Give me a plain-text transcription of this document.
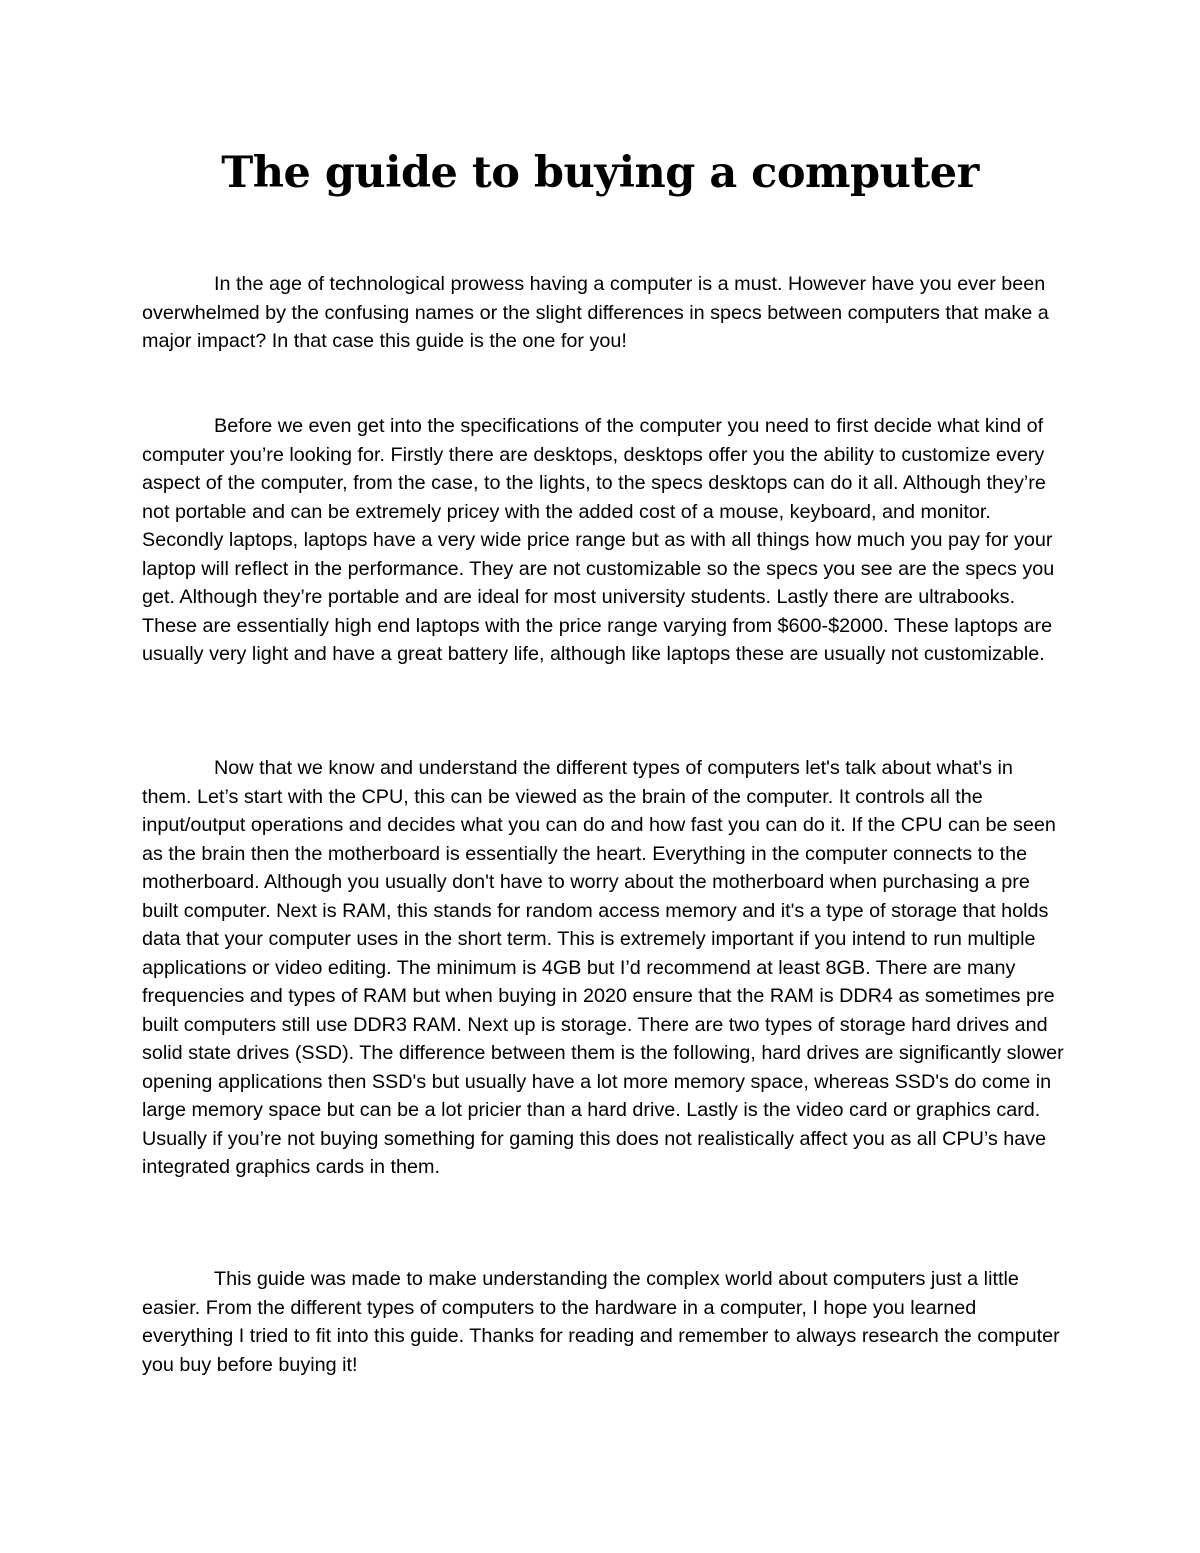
The guide to buying a computer

In the age of technological prowess having a computer is a must. However have you ever been overwhelmed by the confusing names or the slight differences in specs between computers that make a major impact? In that case this guide is the one for you!

Before we even get into the specifications of the computer you need to first decide what kind of computer you’re looking for. Firstly there are desktops, desktops offer you the ability to customize every aspect of the computer, from the case, to the lights, to the specs desktops can do it all. Although they’re not portable and can be extremely pricey with the added cost of a mouse, keyboard, and monitor. Secondly laptops, laptops have a very wide price range but as with all things how much you pay for your laptop will reflect in the performance. They are not customizable so the specs you see are the specs you get. Although they’re portable and are ideal for most university students. Lastly there are ultrabooks. These are essentially high end laptops with the price range varying from $600-$2000. These laptops are usually very light and have a great battery life, although like laptops these are usually not customizable.

Now that we know and understand the different types of computers let's talk about what's in them. Let’s start with the CPU, this can be viewed as the brain of the computer. It controls all the input/output operations and decides what you can do and how fast you can do it. If the CPU can be seen as the brain then the motherboard is essentially the heart. Everything in the computer connects to the motherboard. Although you usually don't have to worry about the motherboard when purchasing a pre built computer. Next is RAM, this stands for random access memory and it's a type of storage that holds data that your computer uses in the short term. This is extremely important if you intend to run multiple applications or video editing. The minimum is 4GB but I’d recommend at least 8GB. There are many frequencies and types of RAM but when buying in 2020 ensure that the RAM is DDR4 as sometimes pre built computers still use DDR3 RAM. Next up is storage. There are two types of storage hard drives and solid state drives (SSD). The difference between them is the following, hard drives are significantly slower opening applications then SSD's but usually have a lot more memory space, whereas SSD's do come in large memory space but can be a lot pricier than a hard drive. Lastly is the video card or graphics card. Usually if you’re not buying something for gaming this does not realistically affect you as all CPU’s have integrated graphics cards in them.

This guide was made to make understanding the complex world about computers just a little easier. From the different types of computers to the hardware in a computer, I hope you learned everything I tried to fit into this guide. Thanks for reading and remember to always research the computer you buy before buying it!
